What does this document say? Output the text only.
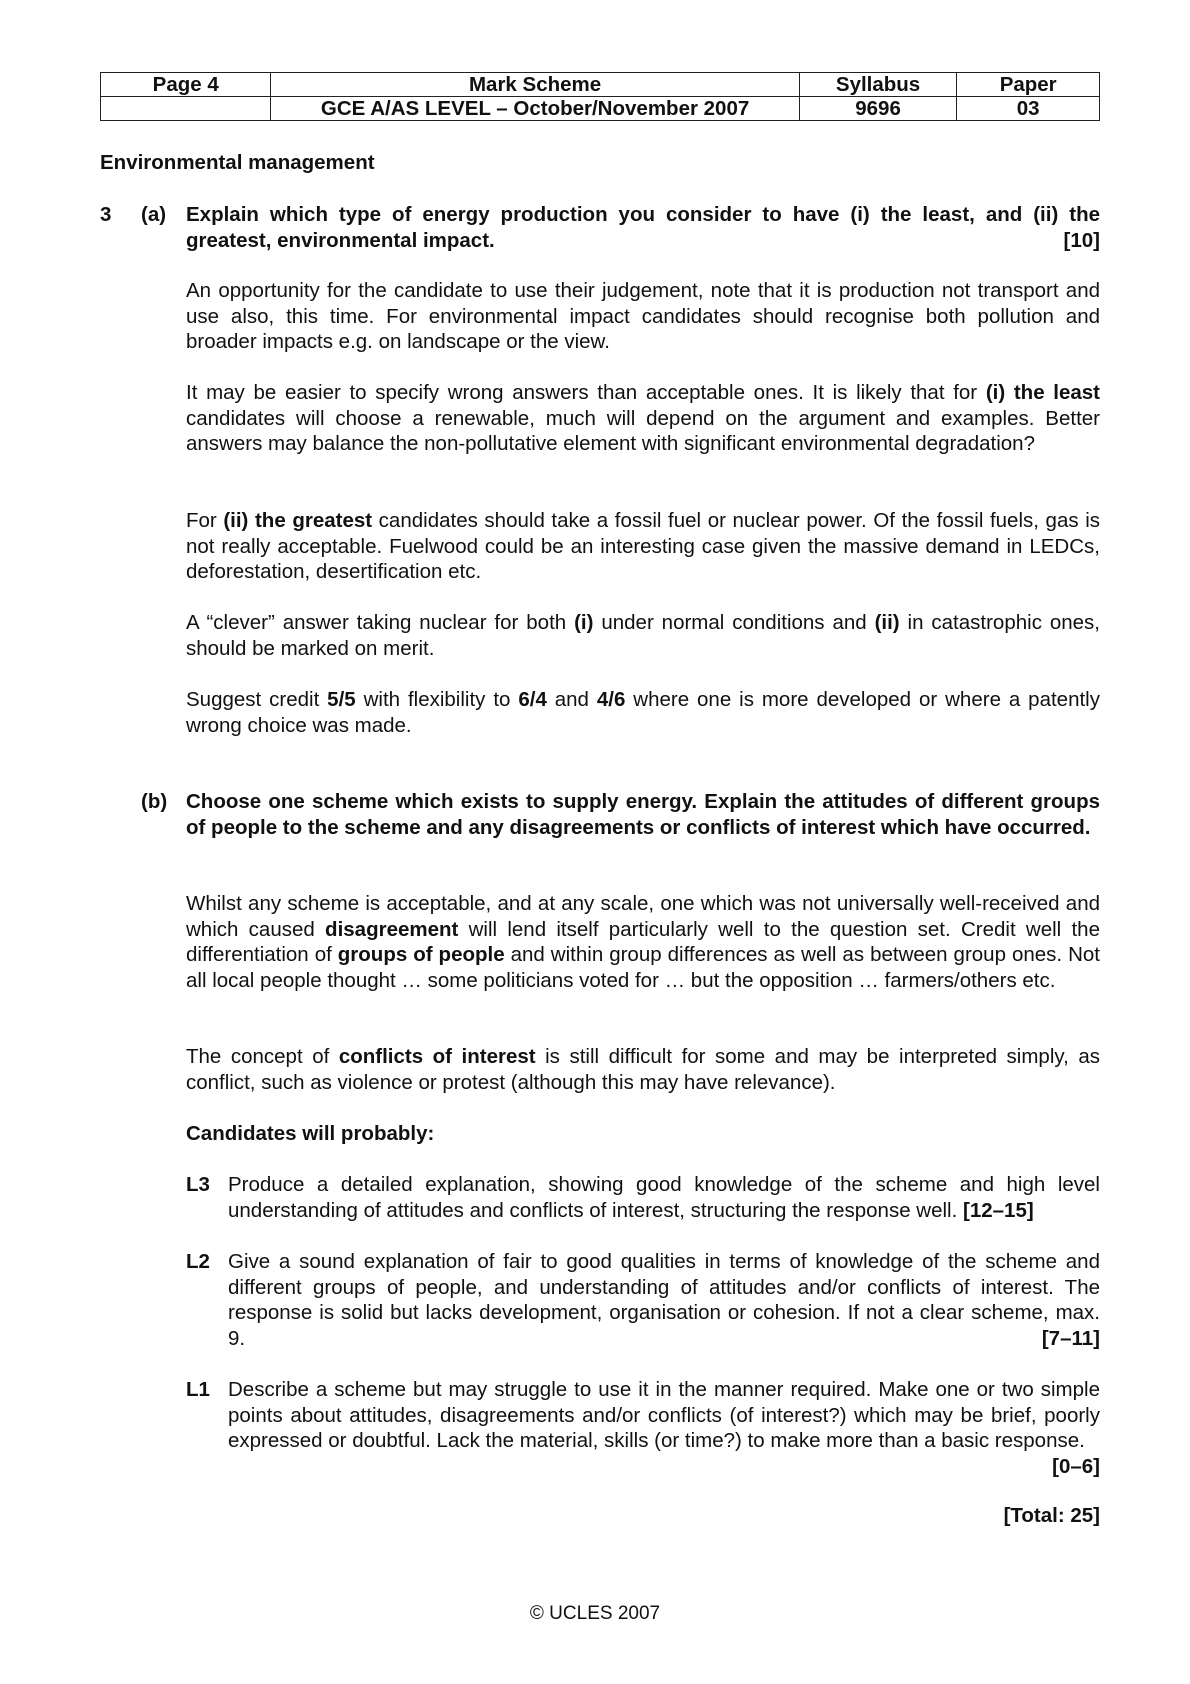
Page 4	Mark Scheme	Syllabus	Paper
	GCE A/AS LEVEL – October/November 2007	9696	03
Environmental management
3 (a) Explain which type of energy production you consider to have (i) the least, and (ii) the
greatest, environmental impact.	[10]

An opportunity for the candidate to use their judgement, note that it is production not transport and use also, this time. For environmental impact candidates should recognise both pollution and broader impacts e.g. on landscape or the view.

It may be easier to specify wrong answers than acceptable ones. It is likely that for (i) the least candidates will choose a renewable, much will depend on the argument and examples. Better answers may balance the non-pollutative element with significant environmental degradation?

For (ii) the greatest candidates should take a fossil fuel or nuclear power. Of the fossil fuels, gas is not really acceptable. Fuelwood could be an interesting case given the massive demand in LEDCs, deforestation, desertification etc.

A “clever” answer taking nuclear for both (i) under normal conditions and (ii) in catastrophic ones, should be marked on merit.

Suggest credit 5/5 with flexibility to 6/4 and 4/6 where one is more developed or where a patently wrong choice was made.

(b) Choose one scheme which exists to supply energy. Explain the attitudes of different groups of people to the scheme and any disagreements or conflicts of interest which have occurred.

Whilst any scheme is acceptable, and at any scale, one which was not universally well-received and which caused disagreement will lend itself particularly well to the question set. Credit well the differentiation of groups of people and within group differences as well as between group ones. Not all local people thought … some politicians voted for … but the opposition … farmers/others etc.

The concept of conflicts of interest is still difficult for some and may be interpreted simply, as conflict, such as violence or protest (although this may have relevance).

Candidates will probably:
L3 Produce a detailed explanation, showing good knowledge of the scheme and high level understanding of attitudes and conflicts of interest, structuring the response well. [12–15]

L2 Give a sound explanation of fair to good qualities in terms of knowledge of the scheme and different groups of people, and understanding of attitudes and/or conflicts of interest. The response is solid but lacks development, organisation or cohesion. If not a clear scheme, max. 9.	[7–11]

L1 Describe a scheme but may struggle to use it in the manner required. Make one or two simple points about attitudes, disagreements and/or conflicts (of interest?) which may be brief, poorly expressed or doubtful. Lack the material, skills (or time?) to make more than a basic response.
[0–6]

[Total: 25]
© UCLES 2007
